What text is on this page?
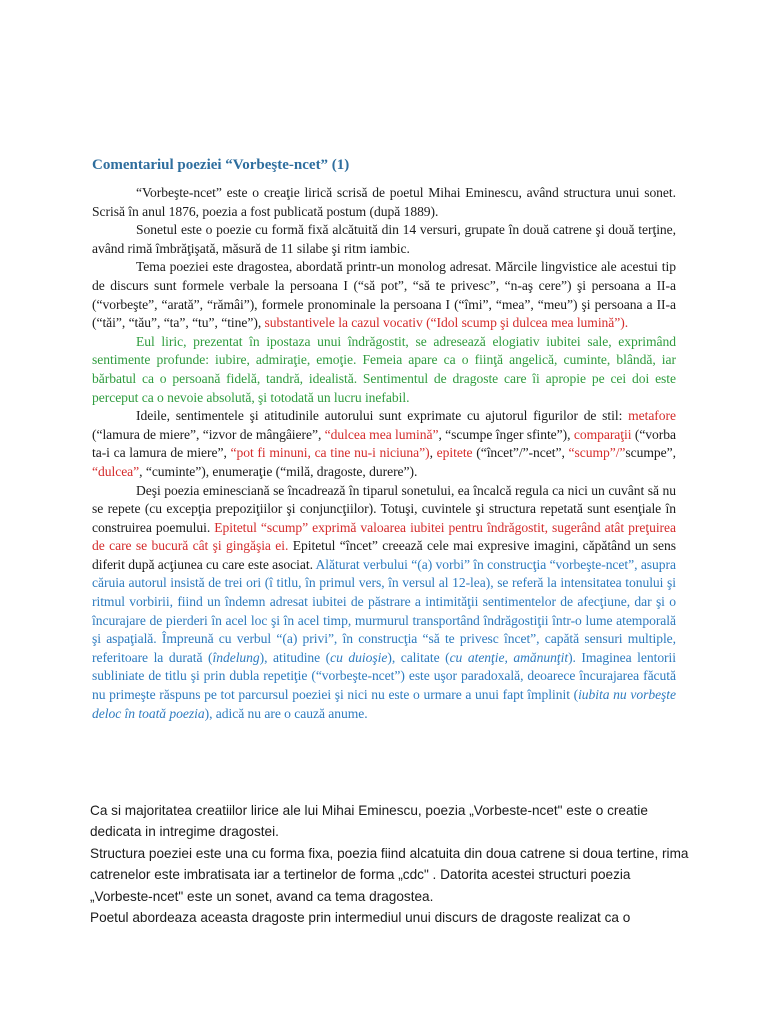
Comentariul poeziei “Vorbeşte-ncet” (1)

“Vorbeşte-ncet” este o creaţie lirică scrisă de poetul Mihai Eminescu, având structura unui sonet. Scrisă în anul 1876, poezia a fost publicată postum (după 1889).

Sonetul este o poezie cu formă fixă alcătuită din 14 versuri, grupate în două catrene şi două terţine, având rimă îmbrăţişată, măsură de 11 silabe şi ritm iambic.

Tema poeziei este dragostea, abordată printr-un monolog adresat. Mărcile lingvistice ale acestui tip de discurs sunt formele verbale la persoana I (“să pot”, “să te privesc”, “n-aş cere”) şi persoana a II-a (“vorbeşte”, “arată”, “rămâi”), formele pronominale la persoana I (“îmi”, “mea”, “meu”) şi persoana a II-a (“tăi”, “tău”, “ta”, “tu”, “tine”), substantivele la cazul vocativ (“Idol scump şi dulcea mea lumină”).

Eul liric, prezentat în ipostaza unui îndrăgostit, se adresează elogiativ iubitei sale, exprimând sentimente profunde: iubire, admiraţie, emoţie. Femeia apare ca o fiinţă angelică, cuminte, blândă, iar bărbatul ca o persoană fidelă, tandră, idealistă. Sentimentul de dragoste care îi apropie pe cei doi este perceput ca o nevoie absolută, şi totodată un lucru inefabil.

Ideile, sentimentele şi atitudinile autorului sunt exprimate cu ajutorul figurilor de stil: metafore (“lamura de miere”, “izvor de mângâiere”, “dulcea mea lumină”, “scumpe înger sfinte”), comparaţii (“vorba ta-i ca lamura de miere”, “pot fi minuni, ca tine nu-i niciuna”), epitete (“încet”/”-ncet”, “scump”/”scumpe”, “dulcea”, “cuminte”), enumeraţie (“milă, dragoste, durere”).

Deşi poezia eminesciană se încadrează în tiparul sonetului, ea încalcă regula ca nici un cuvânt să nu se repete (cu excepţia prepoziţiilor şi conjuncţiilor). Totuşi, cuvintele şi structura repetată sunt esenţiale în construirea poemului. Epitetul “scump” exprimă valoarea iubitei pentru îndrăgostit, sugerând atât preţuirea de care se bucură cât şi gingăşia ei. Epitetul “încet” creează cele mai expresive imagini, căpătând un sens diferit după acţiunea cu care este asociat. Alăturat verbului “(a) vorbi” în construcţia “vorbeşte-ncet”, asupra căruia autorul insistă de trei ori (î titlu, în primul vers, în versul al 12-lea), se referă la intensitatea tonului şi ritmul vorbirii, fiind un îndemn adresat iubitei de păstrare a intimităţii sentimentelor de afecţiune, dar şi o încurajare de pierderi în acel loc şi în acel timp, murmurul transportând îndrăgostiţii într-o lume atemporală şi aspaţială. Împreună cu verbul “(a) privi”, în construcţia “să te privesc încet”, capătă sensuri multiple, referitoare la durată (îndelung), atitudine (cu duioşie), calitate (cu atenţie, amănunţit). Imaginea lentorii subliniate de titlu şi prin dubla repetiţie (“vorbeşte-ncet”) este uşor paradoxală, deoarece încurajarea făcută nu primeşte răspuns pe tot parcursul poeziei şi nici nu este o urmare a unui fapt împlinit (iubita nu vorbeşte deloc în toată poezia), adică nu are o cauză anume.

Ca si majoritatea creatiilor lirice ale lui Mihai Eminescu, poezia „Vorbeste-ncet" este o creatie dedicata in intregime dragostei.

Structura poeziei este una cu forma fixa, poezia fiind alcatuita din doua catrene si doua tertine, rima catrenelor este imbratisata iar a tertinelor de forma „cdc" . Datorita acestei structuri poezia „Vorbeste-ncet" este un sonet, avand ca tema dragostea.

Poetul abordeaza aceasta dragoste prin intermediul unui discurs de dragoste realizat ca o
